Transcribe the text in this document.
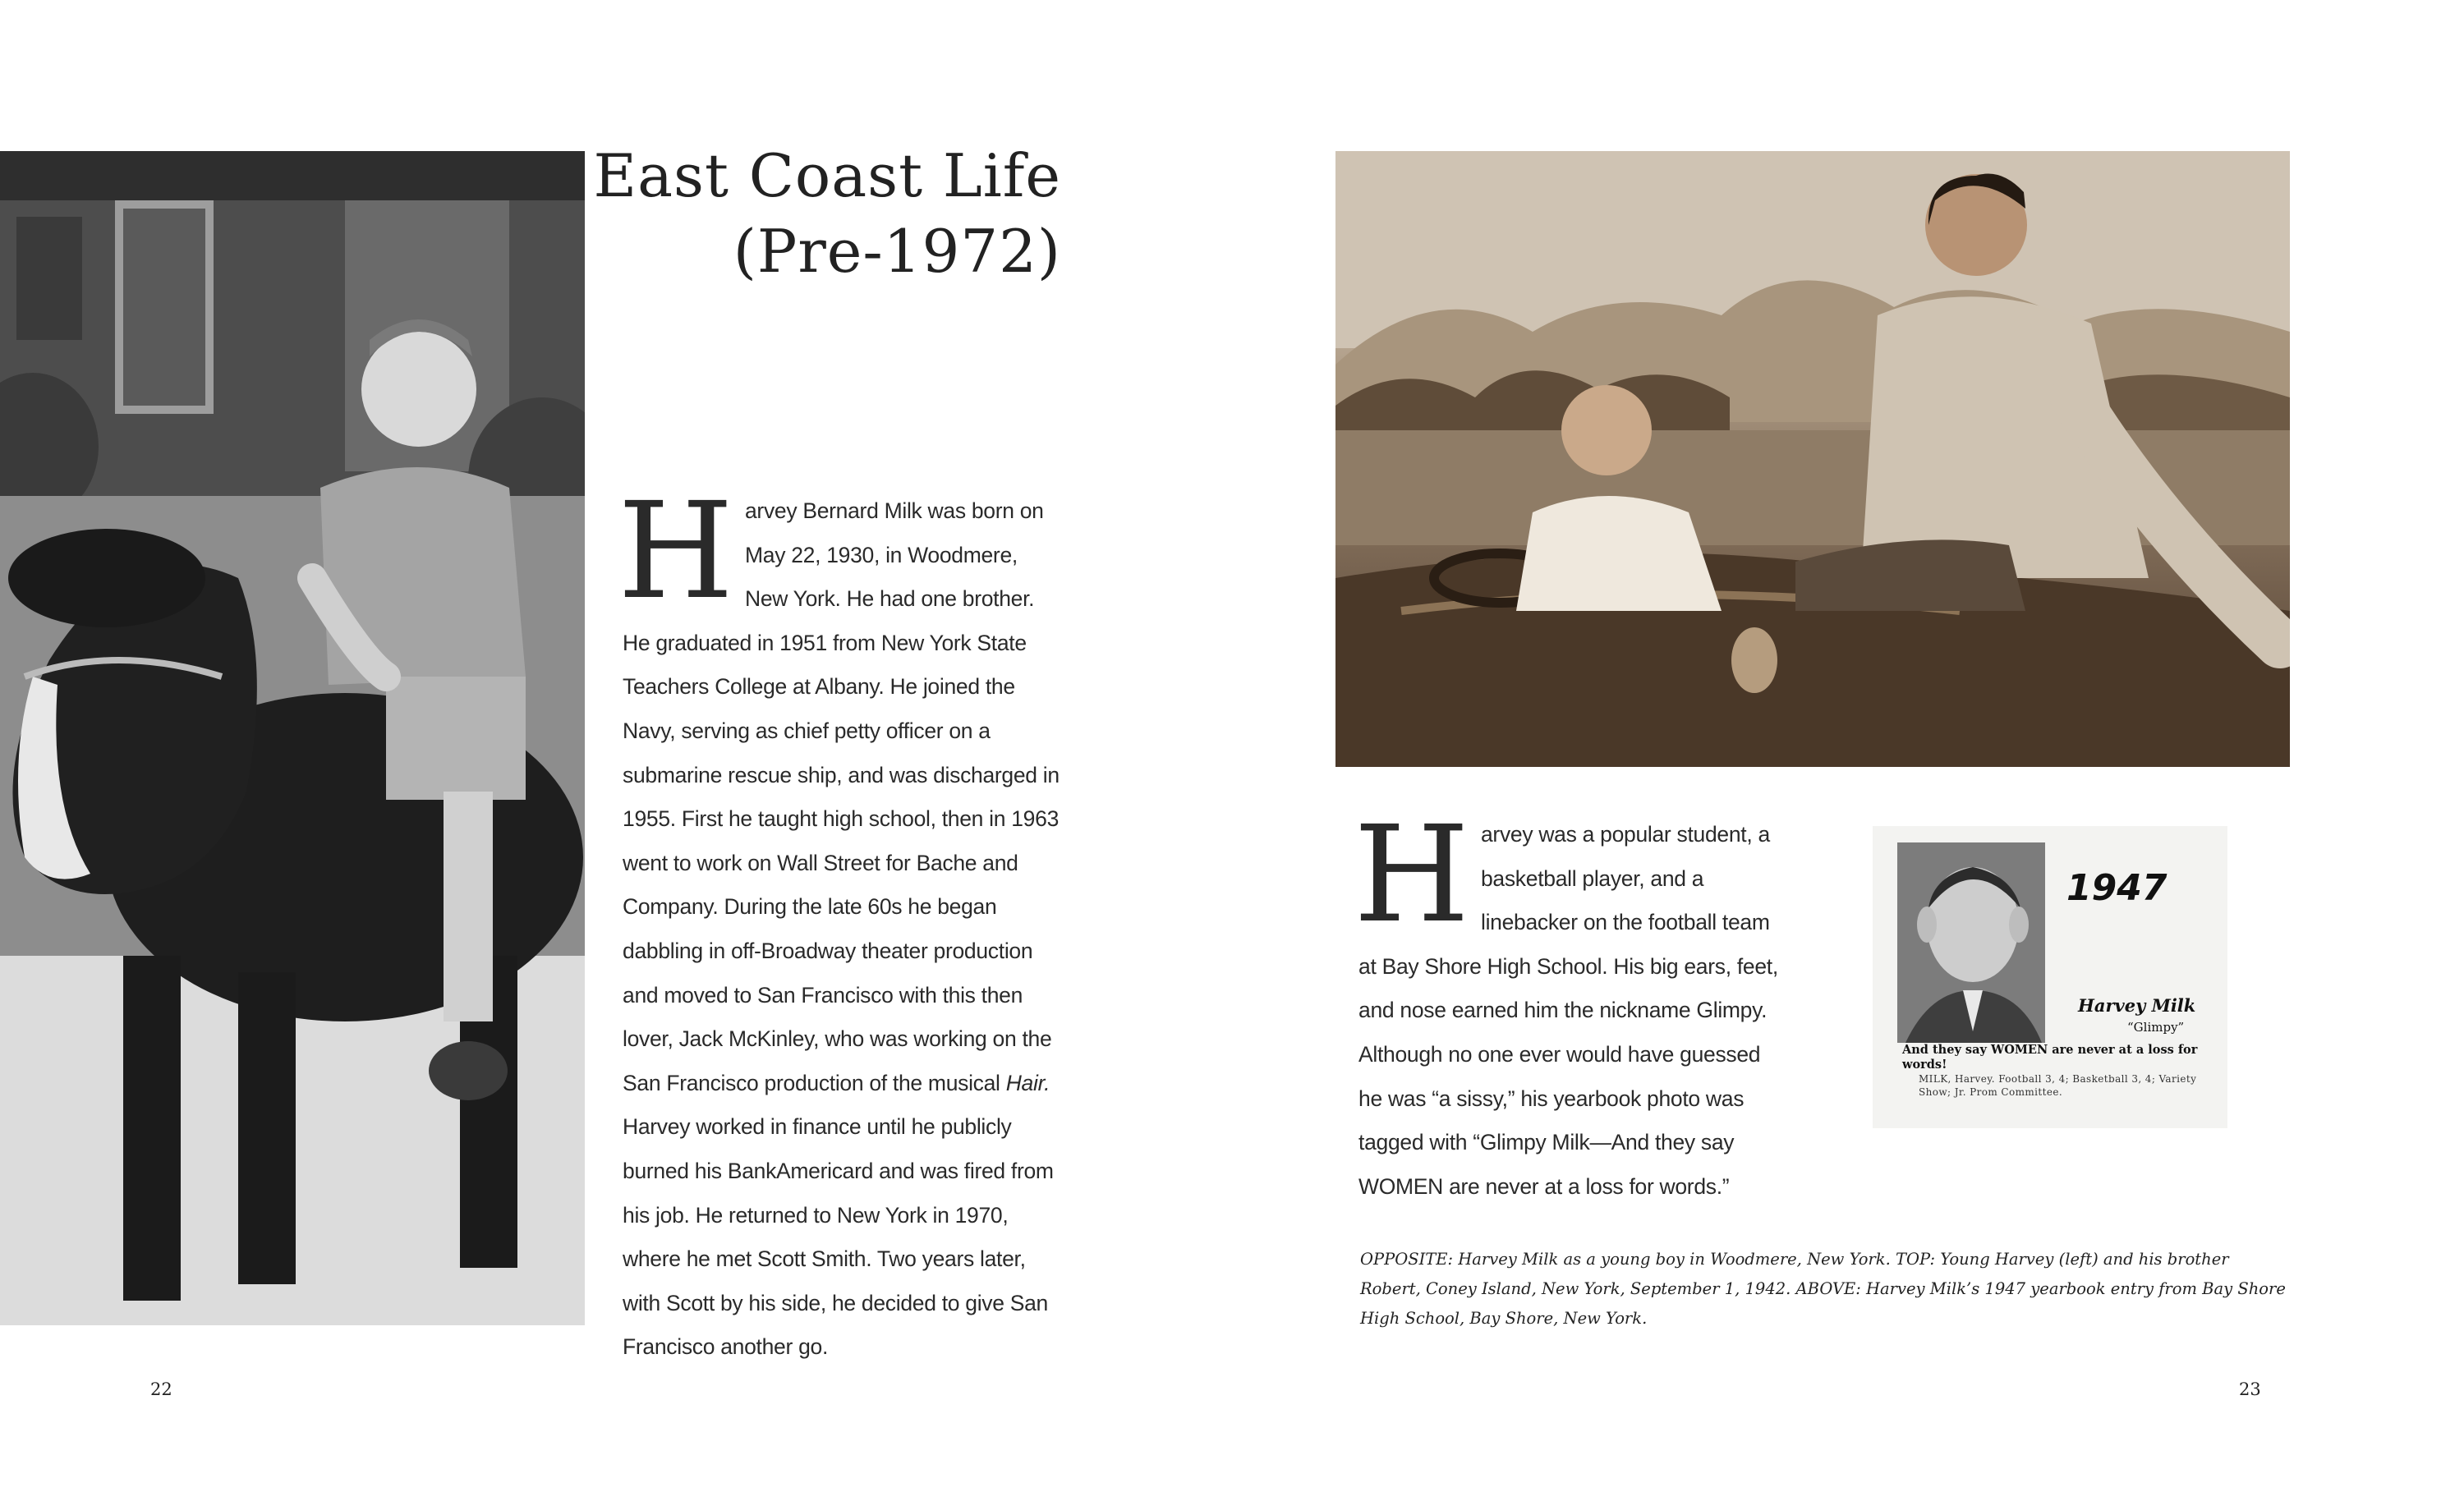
East Coast Life
(Pre-1972)
Harvey Bernard Milk was born on May 22, 1930, in Woodmere, New York. He had one brother. He graduated in 1951 from New York State Teachers College at Albany. He joined the Navy, serving as chief petty officer on a submarine rescue ship, and was discharged in 1955. First he taught high school, then in 1963 went to work on Wall Street for Bache and Company. During the late 60s he began dabbling in off-Broadway theater production and moved to San Francisco with this then lover, Jack McKinley, who was working on the San Francisco production of the musical Hair. Harvey worked in finance until he publicly burned his BankAmericard and was fired from his job. He returned to New York in 1970, where he met Scott Smith. Two years later, with Scott by his side, he decided to give San Francisco another go.
22
Harvey was a popular student, a basketball player, and a linebacker on the football team at Bay Shore High School. His big ears, feet, and nose earned him the nickname Glimpy. Although no one ever would have guessed he was “a sissy,” his yearbook photo was tagged with “Glimpy Milk—And they say WOMEN are never at a loss for words.”
1947
Harvey Milk
“Glimpy”
And they say WOMEN are never at a loss for words!
MILK, Harvey. Football 3, 4; Basketball 3, 4; Variety Show; Jr. Prom Committee.
OPPOSITE: Harvey Milk as a young boy in Woodmere, New York. TOP: Young Harvey (left) and his brother Robert, Coney Island, New York, September 1, 1942. ABOVE: Harvey Milk’s 1947 yearbook entry from Bay Shore High School, Bay Shore, New York.
23
